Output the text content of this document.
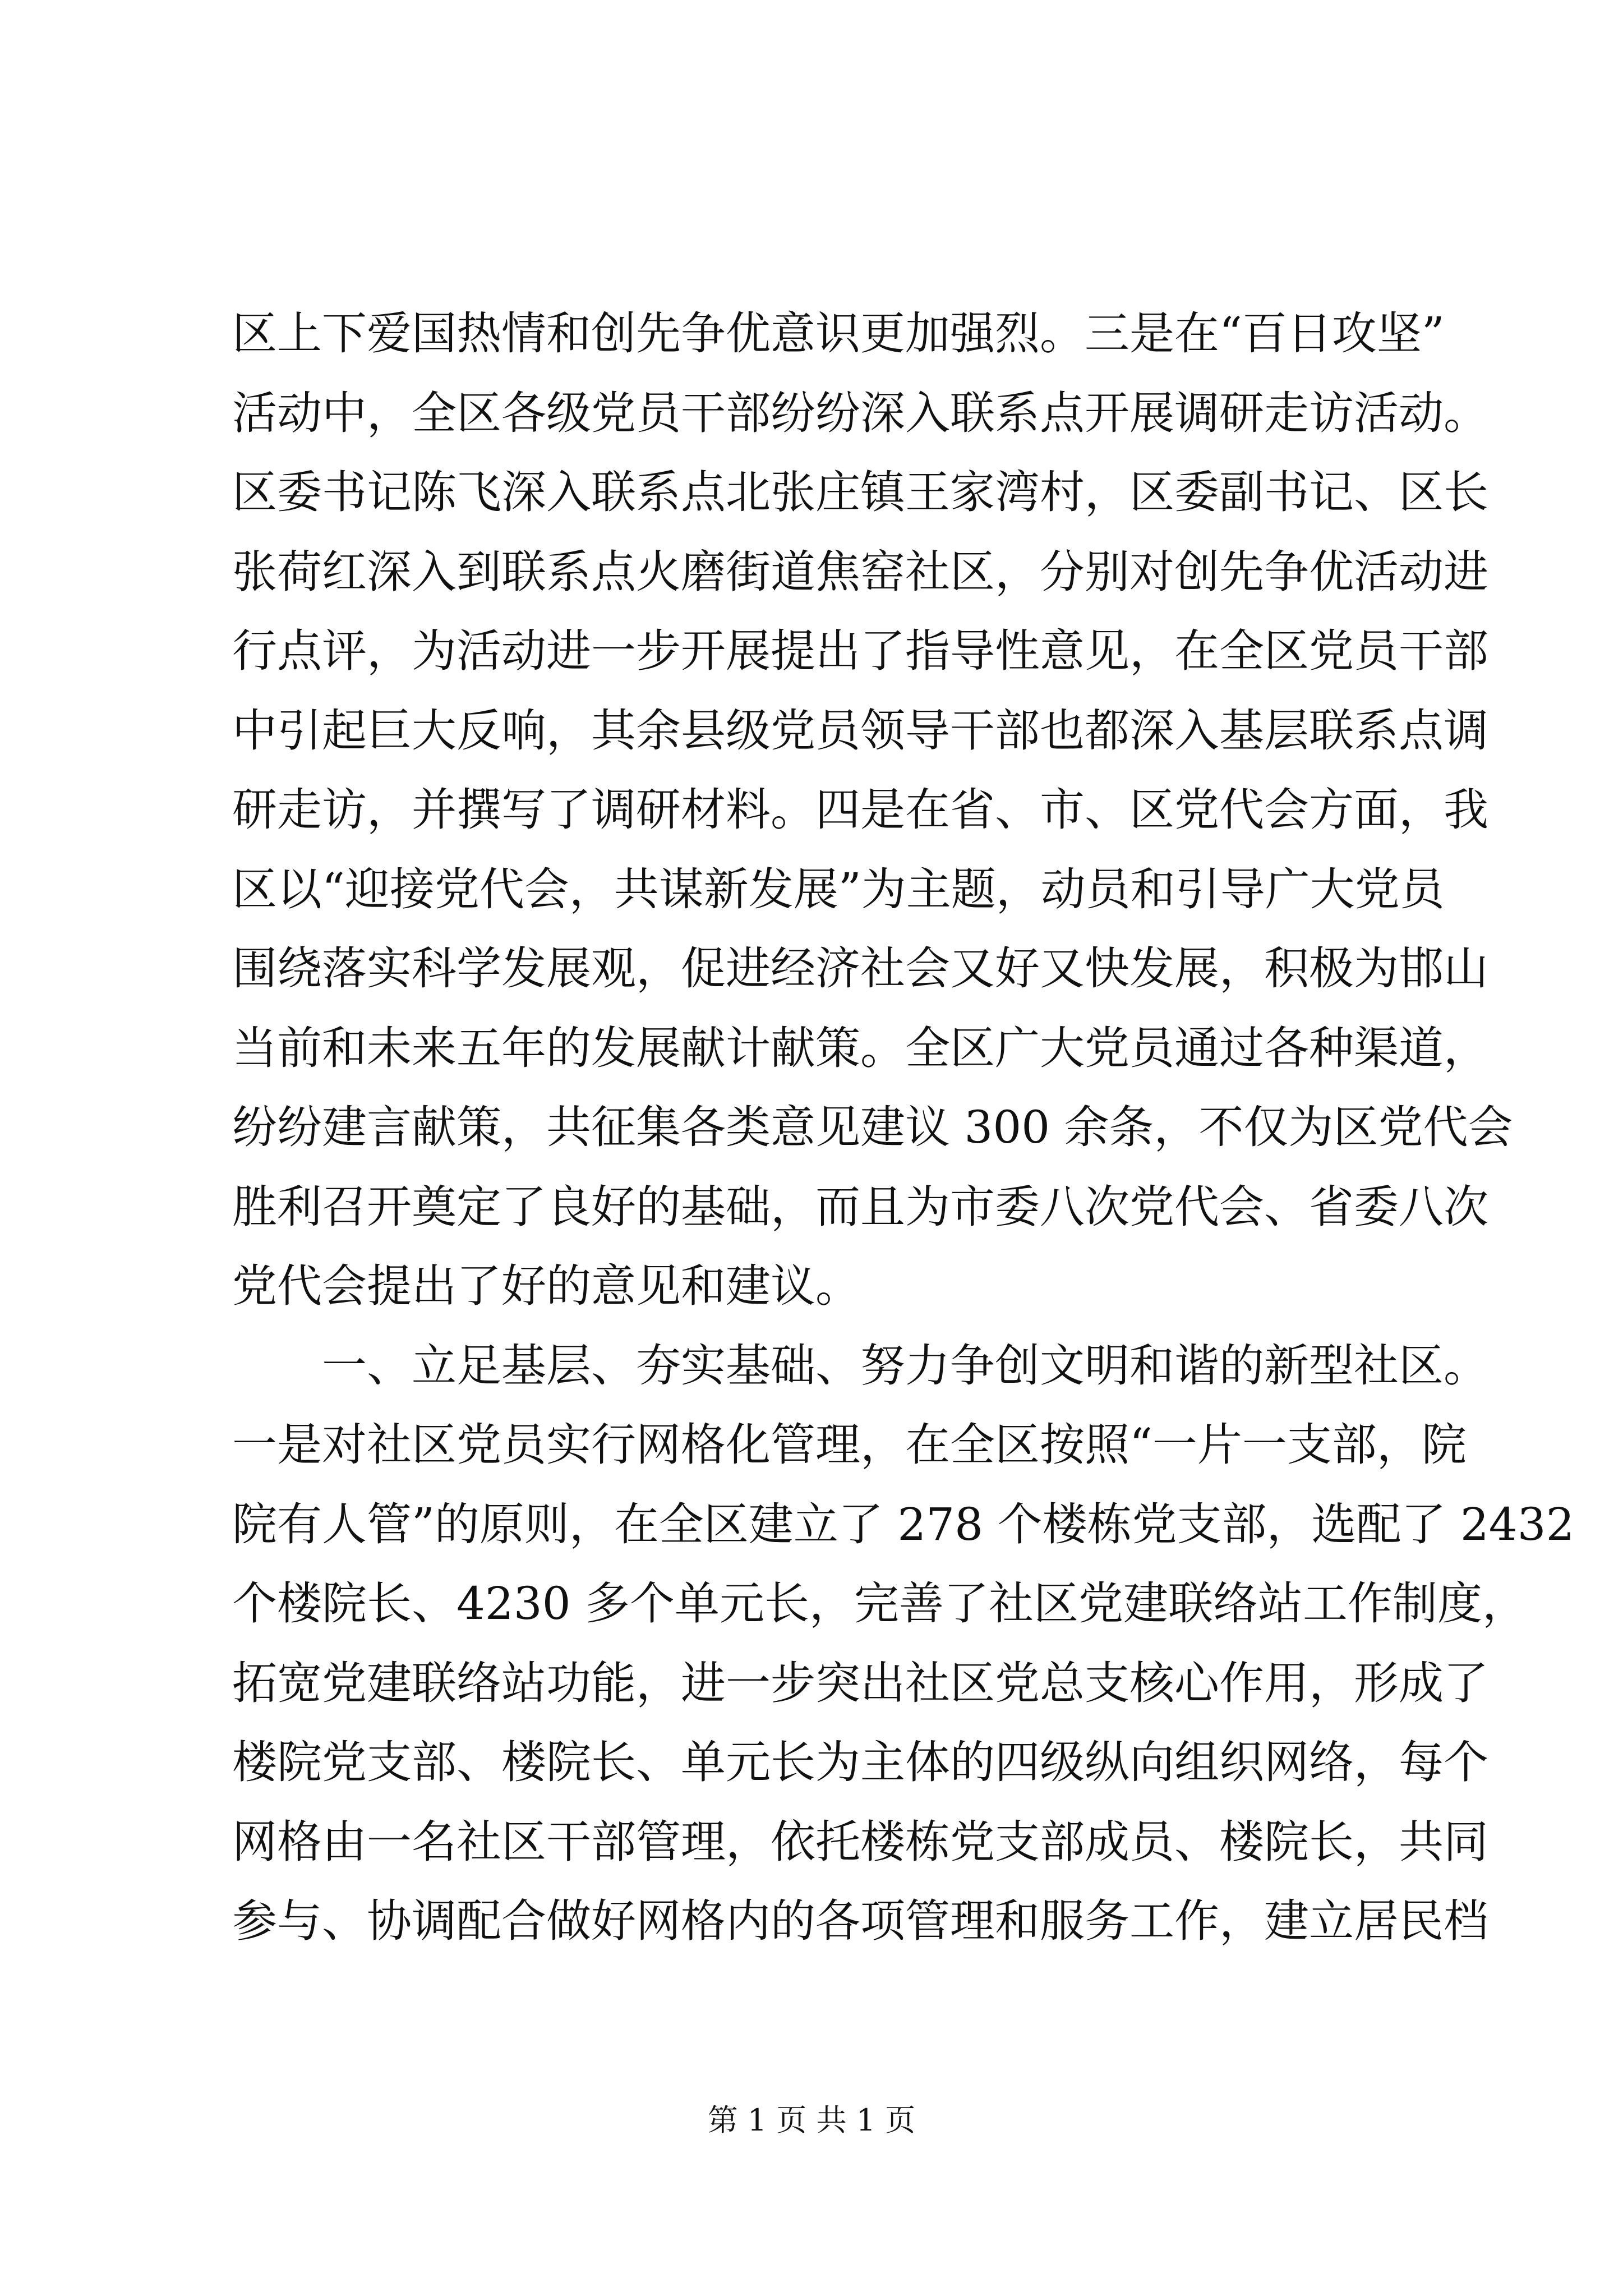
区上下爱国热情和创先争优意识更加强烈。三是在“百日攻坚”
活动中，全区各级党员干部纷纷深入联系点开展调研走访活动。
区委书记陈飞深入联系点北张庄镇王家湾村，区委副书记、区长
张荷红深入到联系点火磨街道焦窑社区，分别对创先争优活动进
行点评，为活动进一步开展提出了指导性意见，在全区党员干部
中引起巨大反响，其余县级党员领导干部也都深入基层联系点调
研走访，并撰写了调研材料。四是在省、市、区党代会方面，我
区以“迎接党代会，共谋新发展”为主题，动员和引导广大党员
围绕落实科学发展观，促进经济社会又好又快发展，积极为邯山
当前和未来五年的发展献计献策。全区广大党员通过各种渠道，
纷纷建言献策，共征集各类意见建议 300 余条，不仅为区党代会
胜利召开奠定了良好的基础，而且为市委八次党代会、省委八次
党代会提出了好的意见和建议。
一、立足基层、夯实基础、努力争创文明和谐的新型社区。
一是对社区党员实行网格化管理，在全区按照“一片一支部，院
院有人管”的原则，在全区建立了 278 个楼栋党支部，选配了 2432
个楼院长、4230 多个单元长，完善了社区党建联络站工作制度，
拓宽党建联络站功能，进一步突出社区党总支核心作用，形成了
楼院党支部、楼院长、单元长为主体的四级纵向组织网络，每个
网格由一名社区干部管理，依托楼栋党支部成员、楼院长，共同
参与、协调配合做好网格内的各项管理和服务工作，建立居民档
第 1 页 共 1 页
